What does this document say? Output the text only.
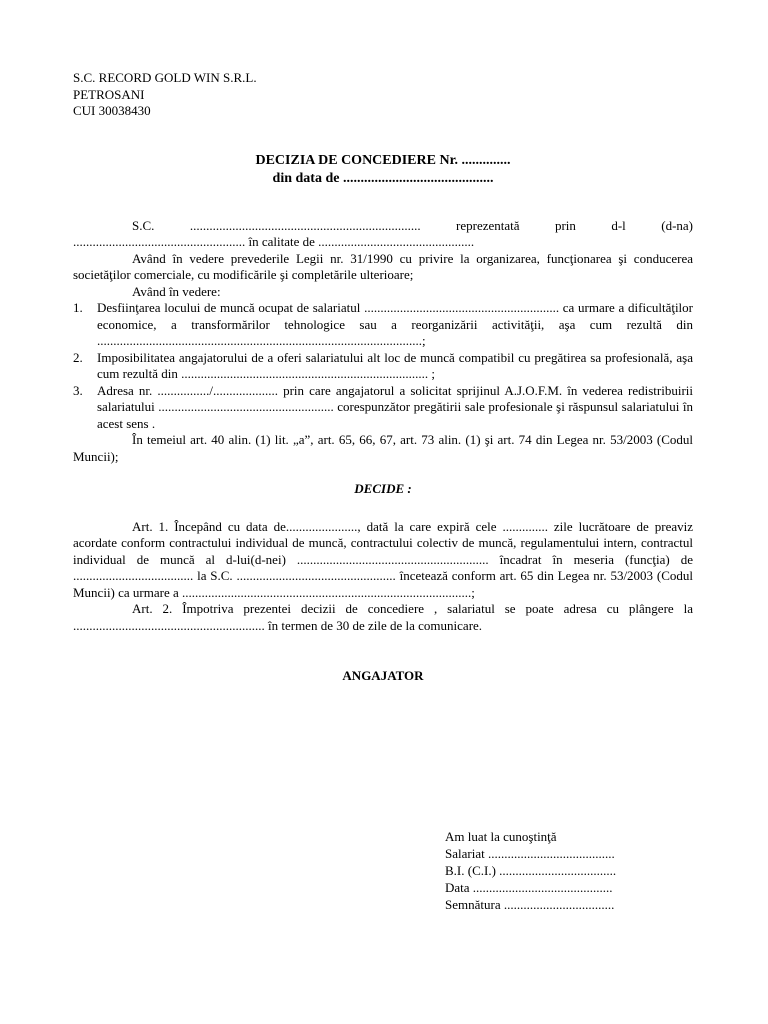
S.C. RECORD GOLD WIN S.R.L.
PETROSANI
CUI 30038430
DECIZIA DE CONCEDIERE Nr. ..............
din data de ...........................................
S.C. ....................................................................... reprezentată prin d-l (d-na) ..................................................... în calitate de ................................................
Având în vedere prevederile Legii nr. 31/1990 cu privire la organizarea, funcţionarea şi conducerea societăţilor comerciale, cu modificările şi completările ulterioare;
Având în vedere:
1. Desfiinţarea locului de muncă ocupat de salariatul ............................................................ ca urmare a dificultăţilor economice, a transformărilor tehnologice sau a reorganizării activităţii, aşa cum rezultă din ....................................................................................................;
2. Imposibilitatea angajatorului de a oferi salariatului alt loc de muncă compatibil cu pregătirea sa profesională, aşa cum rezultă din ............................................................................ ;
3. Adresa nr. ................/.................... prin care angajatorul a solicitat sprijinul A.J.O.F.M. în vederea redistribuirii salariatului ...................................................... corespunzător pregătirii sale profesionale şi răspunsul salariatului în acest sens .
În temeiul art. 40 alin. (1) lit. „a”, art. 65, 66, 67, art. 73 alin. (1) şi art. 74 din Legea nr. 53/2003 (Codul Muncii);
DECIDE :
Art. 1. Începând cu data de......................, dată la care expiră cele .............. zile lucrătoare de preaviz acordate conform contractului individual de muncă, contractului colectiv de muncă, regulamentului intern, contractul individual de muncă al d-lui(d-nei) ........................................................... încadrat în meseria (funcţia) de ..................................... la S.C. ................................................. încetează conform art. 65 din Legea nr. 53/2003 (Codul Muncii) ca urmare a .........................................................................................;
Art. 2. Împotriva prezentei decizii de concediere , salariatul se poate adresa cu plângere la ........................................................... în termen de 30 de zile de la comunicare.
ANGAJATOR
Am luat la cunoştinţă
Salariat .......................................
B.I. (C.I.) ....................................
Data ...........................................
Semnătura ..................................
